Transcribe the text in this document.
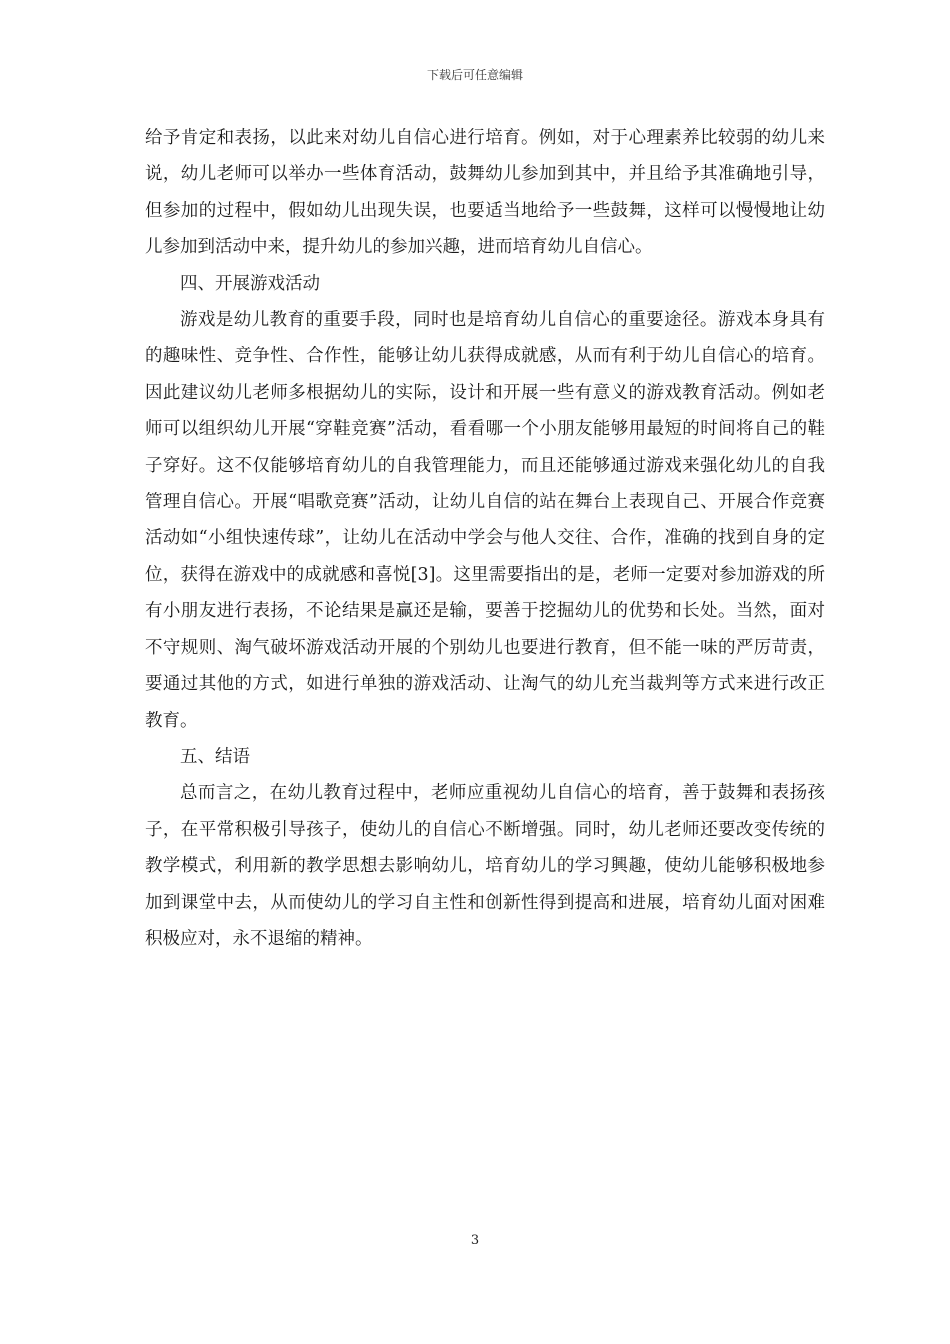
下载后可任意编辑

给予肯定和表扬，以此来对幼儿自信心进行培育。例如，对于心理素养比较弱的幼儿来说，幼儿老师可以举办一些体育活动，鼓舞幼儿参加到其中，并且给予其准确地引导，但参加的过程中，假如幼儿出现失误，也要适当地给予一些鼓舞，这样可以慢慢地让幼儿参加到活动中来，提升幼儿的参加兴趣，进而培育幼儿自信心。

四、开展游戏活动

游戏是幼儿教育的重要手段，同时也是培育幼儿自信心的重要途径。游戏本身具有的趣味性、竞争性、合作性，能够让幼儿获得成就感，从而有利于幼儿自信心的培育。因此建议幼儿老师多根据幼儿的实际，设计和开展一些有意义的游戏教育活动。例如老师可以组织幼儿开展“穿鞋竞赛”活动，看看哪一个小朋友能够用最短的时间将自己的鞋子穿好。这不仅能够培育幼儿的自我管理能力，而且还能够通过游戏来强化幼儿的自我管理自信心。开展“唱歌竞赛”活动，让幼儿自信的站在舞台上表现自己、开展合作竞赛活动如“小组快速传球”，让幼儿在活动中学会与他人交往、合作，准确的找到自身的定位，获得在游戏中的成就感和喜悦[3]。这里需要指出的是，老师一定要对参加游戏的所有小朋友进行表扬，不论结果是赢还是输，要善于挖掘幼儿的优势和长处。当然，面对不守规则、淘气破坏游戏活动开展的个别幼儿也要进行教育，但不能一味的严厉苛责，要通过其他的方式，如进行单独的游戏活动、让淘气的幼儿充当裁判等方式来进行改正教育。

五、结语

总而言之，在幼儿教育过程中，老师应重视幼儿自信心的培育，善于鼓舞和表扬孩子，在平常积极引导孩子，使幼儿的自信心不断增强。同时，幼儿老师还要改变传统的教学模式，利用新的教学思想去影响幼儿，培育幼儿的学习興趣，使幼儿能够积极地参加到课堂中去，从而使幼儿的学习自主性和创新性得到提高和进展，培育幼儿面对困难积极应对，永不退缩的精神。

3
